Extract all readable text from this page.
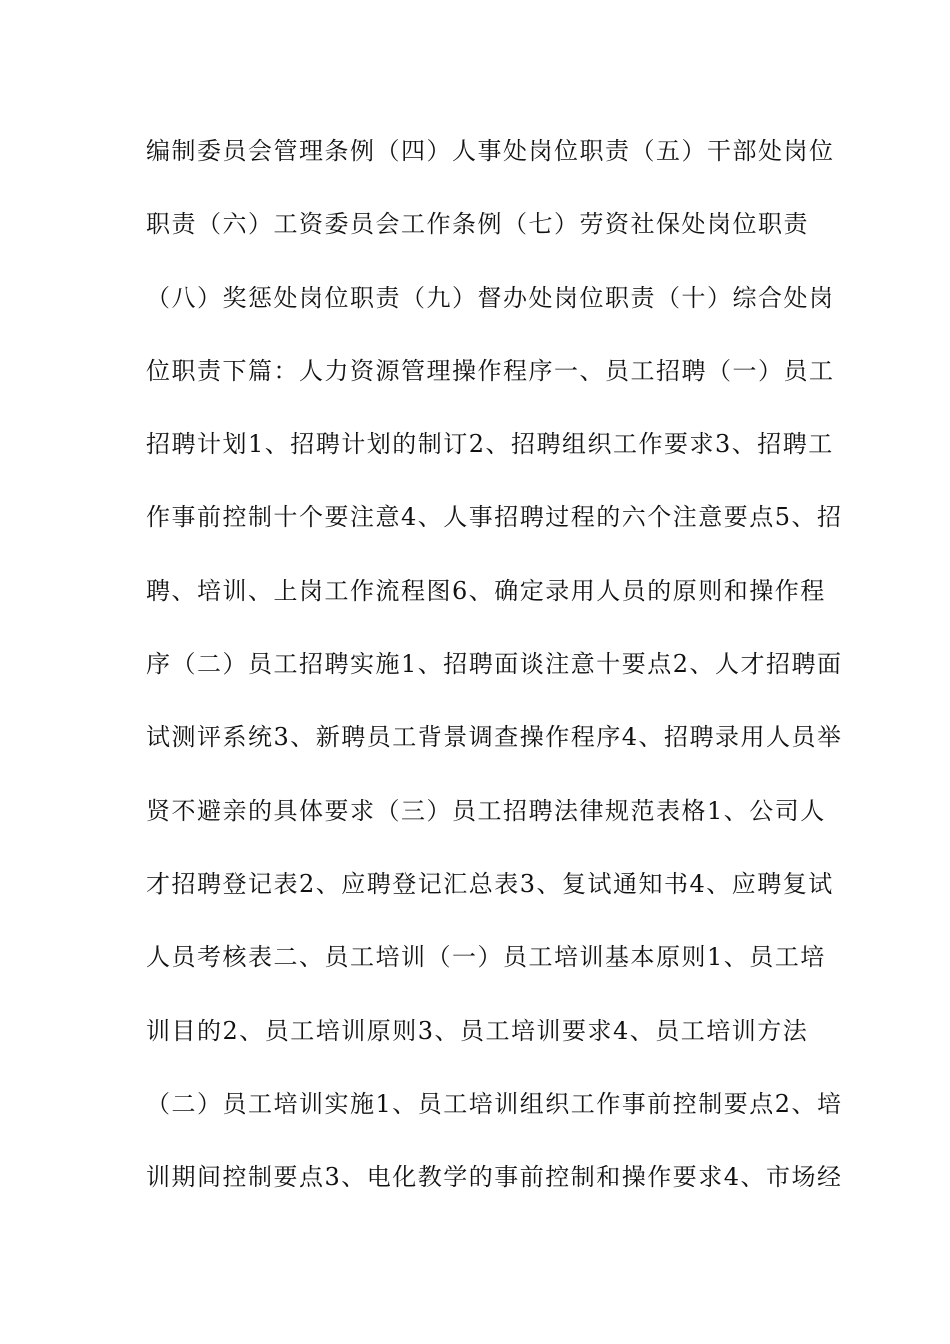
编制委员会管理条例（四）人事处岗位职责（五）干部处岗位
职责（六）工资委员会工作条例（七）劳资社保处岗位职责
（八）奖惩处岗位职责（九）督办处岗位职责（十）综合处岗
位职责下篇：人力资源管理操作程序一、员工招聘（一）员工
招聘计划1、招聘计划的制订2、招聘组织工作要求3、招聘工
作事前控制十个要注意4、人事招聘过程的六个注意要点5、招
聘、培训、上岗工作流程图6、确定录用人员的原则和操作程
序（二）员工招聘实施1、招聘面谈注意十要点2、人才招聘面
试测评系统3、新聘员工背景调查操作程序4、招聘录用人员举
贤不避亲的具体要求（三）员工招聘法律规范表格1、公司人
才招聘登记表2、应聘登记汇总表3、复试通知书4、应聘复试
人员考核表二、员工培训（一）员工培训基本原则1、员工培
训目的2、员工培训原则3、员工培训要求4、员工培训方法
（二）员工培训实施1、员工培训组织工作事前控制要点2、培
训期间控制要点3、电化教学的事前控制和操作要求4、市场经
